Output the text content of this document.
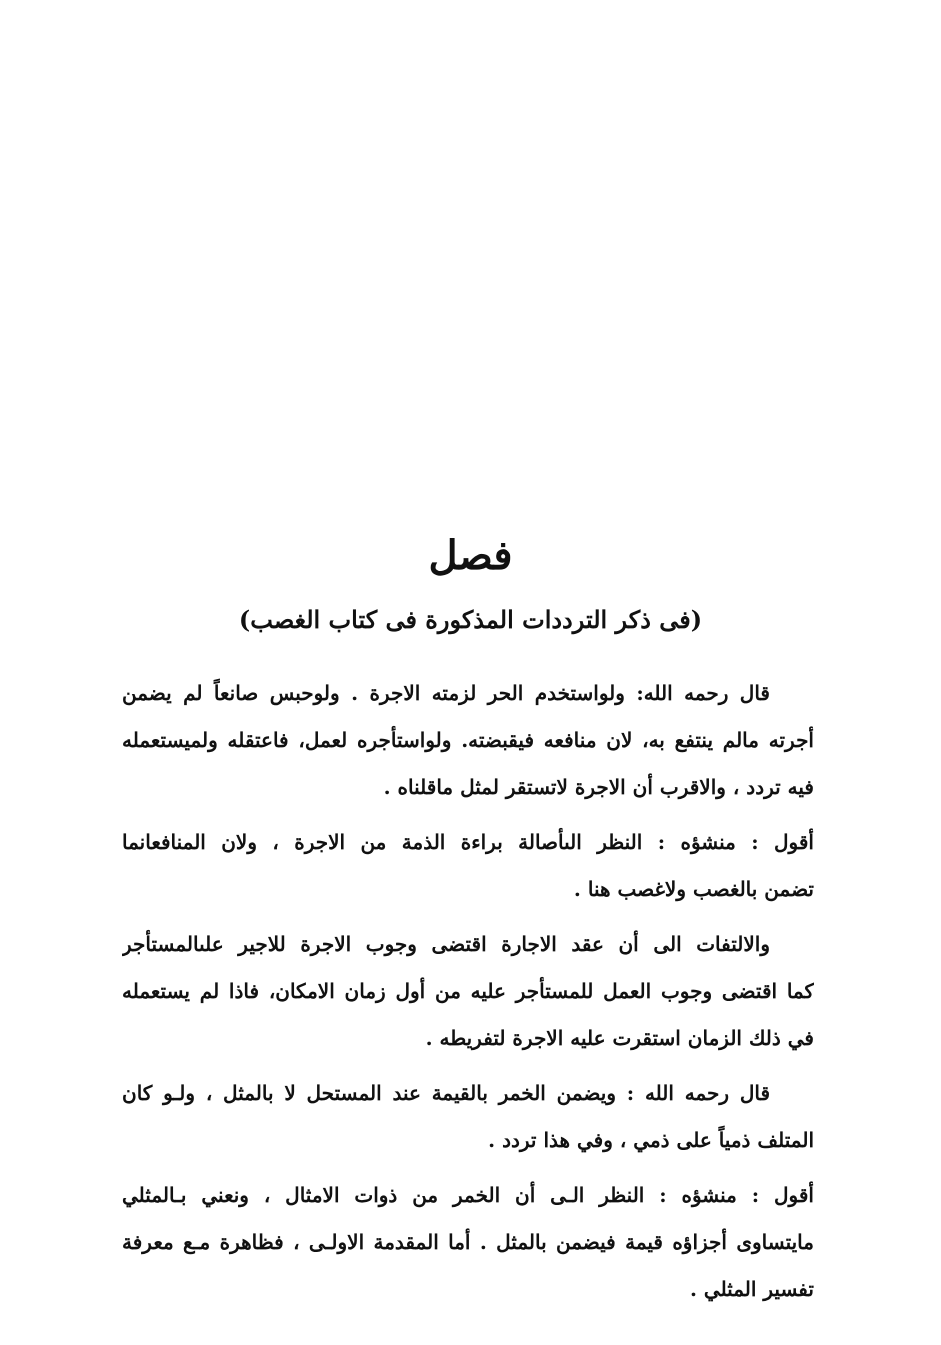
فصل
(فى ذكر الترددات المذكورة فى كتاب الغصب)
قال رحمه الله: ولواستخدم الحر لزمته الاجرة . ولوحبس صانعاً لم يضمن
أجرته مالم ينتفع به، لان منافعه فيقبضته. ولواستأجره لعمل، فاعتقله ولميستعمله
فيه تردد ، والاقرب أن الاجرة لاتستقر لمثل ماقلناه .
أقول : منشؤه : النظر الىأصالة براءة الذمة من الاجرة ، ولان المنافعانما
تضمن بالغصب ولاغصب هنا .
والالتفات الى أن عقد الاجارة اقتضى وجوب الاجرة للاجير علىالمستأجر
كما اقتضى وجوب العمل للمستأجر عليه من أول زمان الامكان، فاذا لم يستعمله
في ذلك الزمان استقرت عليه الاجرة لتفريطه .
قال رحمه الله : ويضمن الخمر بالقيمة عند المستحل لا بالمثل ، ولـو كان
المتلف ذمياً على ذمي ، وفي هذا تردد .
أقول : منشؤه : النظر الـى أن الخمر من ذوات الامثال ، ونعني بـالمثلي
مايتساوى أجزاؤه قيمة فيضمن بالمثل . أما المقدمة الاولـى ، فظاهرة مـع معرفة
تفسير المثلي .
